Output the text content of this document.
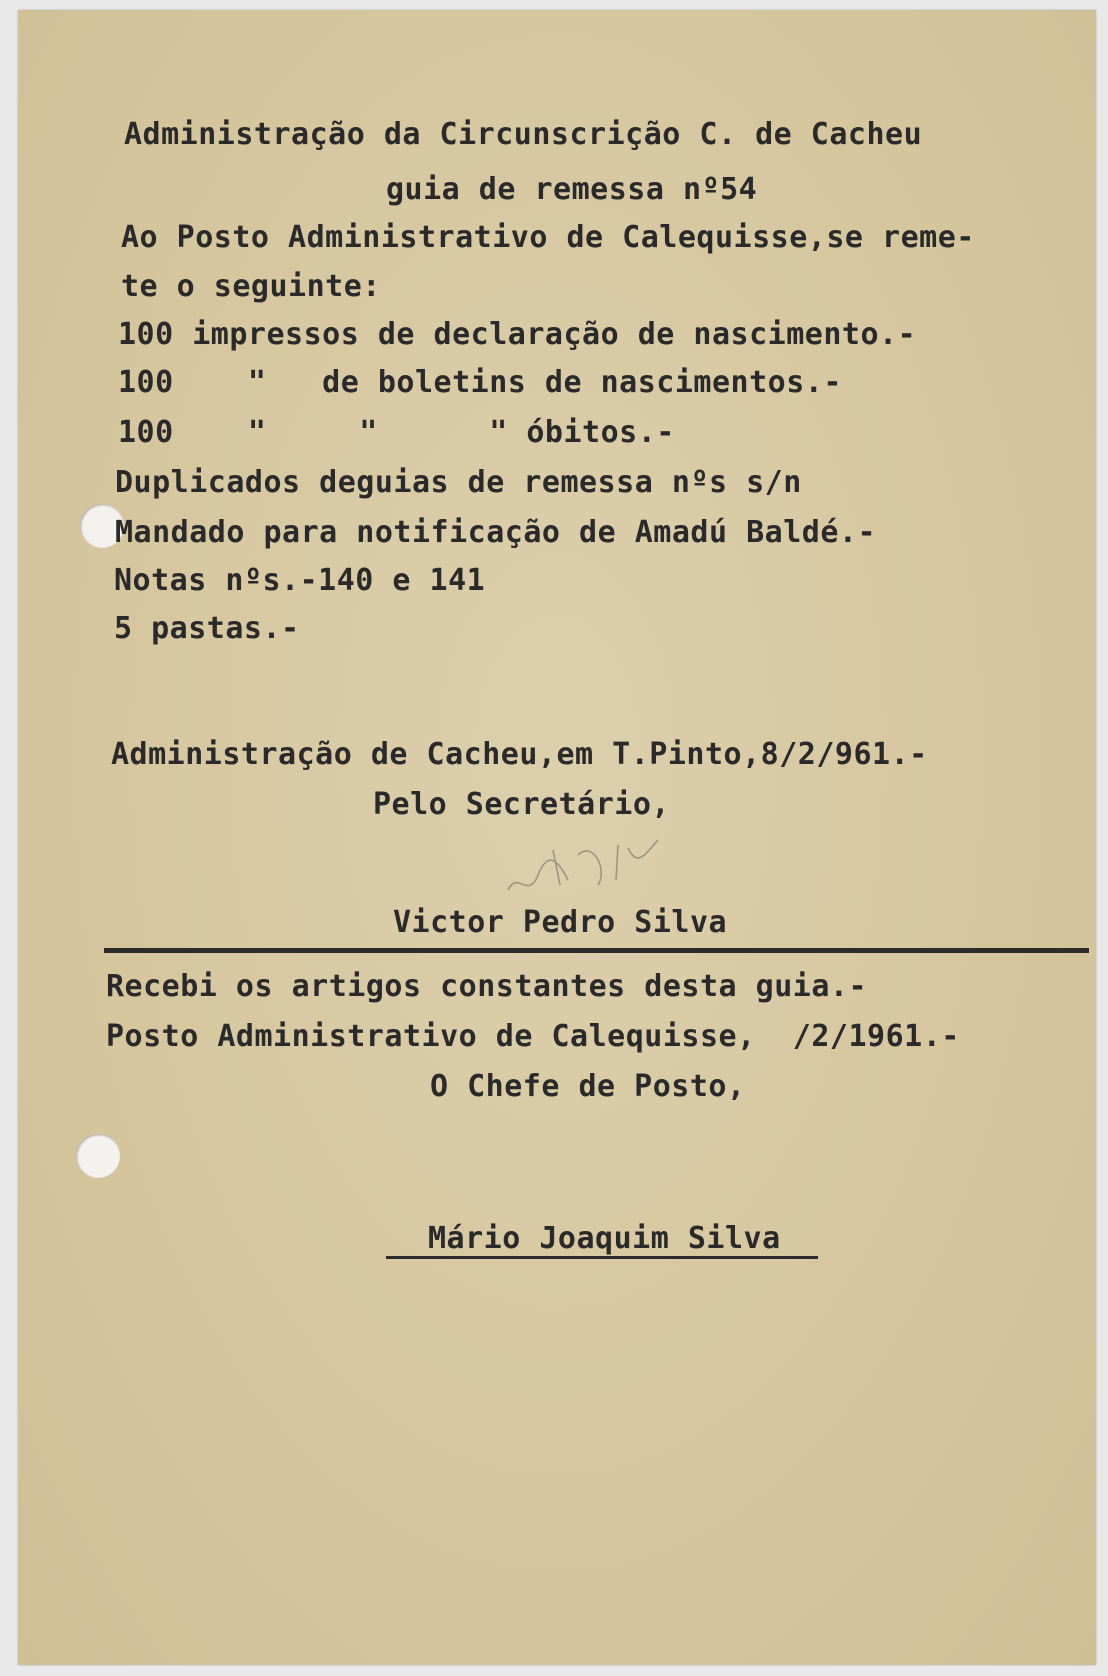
Administração da Circunscrição C. de Cacheu
guia de remessa nº54
Ao Posto Administrativo de Calequisse,se reme-
te o seguinte:
100 impressos de declaração de nascimento.-
100    "   de boletins de nascimentos.-
100    "     "      " óbitos.-
Duplicados deguias de remessa nºs s/n
Mandado para notificação de Amadú Baldé.-
Notas nºs.-140 e 141
5 pastas.-
Administração de Cacheu,em T.Pinto,8/2/961.-
Pelo Secretário,
Victor Pedro Silva
Recebi os artigos constantes desta guia.-
Posto Administrativo de Calequisse,  /2/1961.-
O Chefe de Posto,
Mário Joaquim Silva
